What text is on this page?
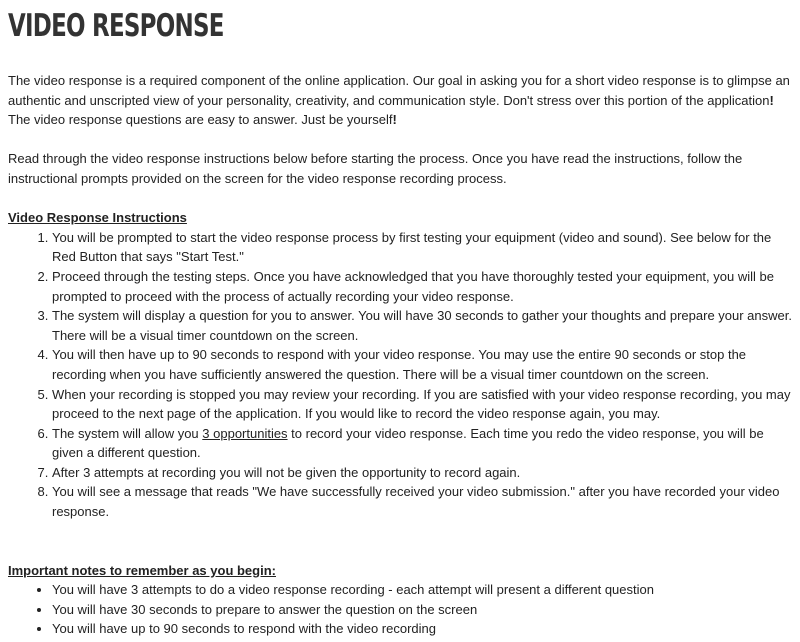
VIDEO RESPONSE

The video response is a required component of the online application. Our goal in asking you for a short video response is to glimpse an authentic and unscripted view of your personality, creativity, and communication style. Don't stress over this portion of the application! The video response questions are easy to answer. Just be yourself!

Read through the video response instructions below before starting the process. Once you have read the instructions, follow the instructional prompts provided on the screen for the video response recording process.

Video Response Instructions
1. You will be prompted to start the video response process by first testing your equipment (video and sound). See below for the Red Button that says "Start Test."
2. Proceed through the testing steps. Once you have acknowledged that you have thoroughly tested your equipment, you will be prompted to proceed with the process of actually recording your video response.
3. The system will display a question for you to answer. You will have 30 seconds to gather your thoughts and prepare your answer. There will be a visual timer countdown on the screen.
4. You will then have up to 90 seconds to respond with your video response. You may use the entire 90 seconds or stop the recording when you have sufficiently answered the question. There will be a visual timer countdown on the screen.
5. When your recording is stopped you may review your recording. If you are satisfied with your video response recording, you may proceed to the next page of the application. If you would like to record the video response again, you may.
6. The system will allow you 3 opportunities to record your video response. Each time you redo the video response, you will be given a different question.
7. After 3 attempts at recording you will not be given the opportunity to record again.
8. You will see a message that reads "We have successfully received your video submission." after you have recorded your video response.
Important notes to remember as you begin:
• You will have 3 attempts to do a video response recording - each attempt will present a different question
• You will have 30 seconds to prepare to answer the question on the screen
• You will have up to 90 seconds to respond with the video recording
